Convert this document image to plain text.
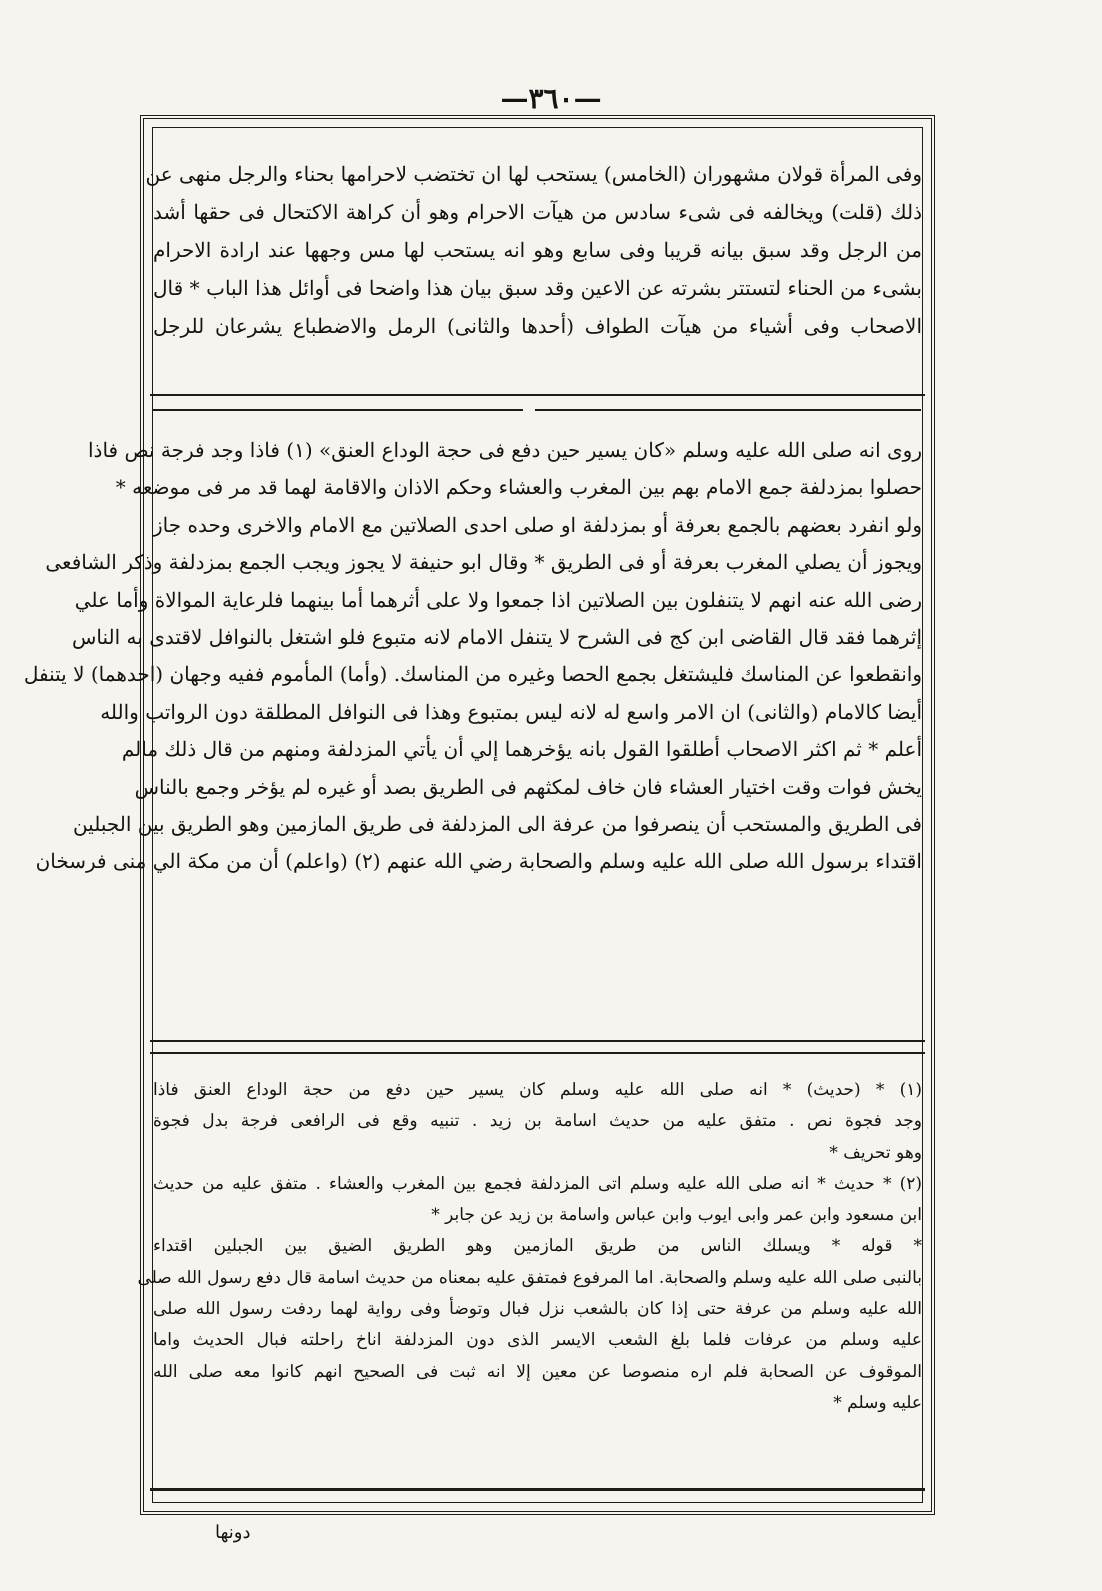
—٣٦٠—
وفى المرأة قولان مشهوران (الخامس) يستحب لها ان تختضب لاحرامها بحناء والرجل منهى عن
ذلك (قلت) ويخالفه فى شىء سادس من هيآت الاحرام وهو أن كراهة الاكتحال فى حقها أشد
من الرجل وقد سبق بيانه قريبا وفى سابع وهو انه يستحب لها مس وجهها عند ارادة الاحرام
بشىء من الحناء لتستتر بشرته عن الاعين وقد سبق بيان هذا واضحا فى أوائل هذا الباب * قال
الاصحاب وفى أشياء من هيآت الطواف (أحدها والثانى) الرمل والاضطباع يشرعان للرجل
روى انه صلى الله عليه وسلم «كان يسير حين دفع فى حجة الوداع العنق» (١) فاذا وجد فرجة نص فاذا
حصلوا بمزدلفة جمع الامام بهم بين المغرب والعشاء وحكم الاذان والاقامة لهما قد مر فى موضعه *
ولو انفرد بعضهم بالجمع بعرفة أو بمزدلفة او صلى احدى الصلاتين مع الامام والاخرى وحده جاز
ويجوز أن يصلي المغرب بعرفة أو فى الطريق * وقال ابو حنيفة لا يجوز ويجب الجمع بمزدلفة وذكر الشافعى
رضى الله عنه انهم لا يتنفلون بين الصلاتين اذا جمعوا ولا على أثرهما أما بينهما فلرعاية الموالاة وأما علي
إثرهما فقد قال القاضى ابن كج فى الشرح لا يتنفل الامام لانه متبوع فلو اشتغل بالنوافل لاقتدى به الناس
وانقطعوا عن المناسك فليشتغل بجمع الحصا وغيره من المناسك. (وأما) المأموم ففيه وجهان (احدهما) لا يتنفل
أيضا كالامام (والثانى) ان الامر واسع له لانه ليس بمتبوع وهذا فى النوافل المطلقة دون الرواتب والله
أعلم * ثم اكثر الاصحاب أطلقوا القول بانه يؤخرهما إلي أن يأتي المزدلفة ومنهم من قال ذلك مالم
يخش فوات وقت اختيار العشاء فان خاف لمكثهم فى الطريق بصد أو غيره لم يؤخر وجمع بالناس
فى الطريق والمستحب أن ينصرفوا من عرفة الى المزدلفة فى طريق المازمين وهو الطريق بين الجبلين
اقتداء برسول الله صلى الله عليه وسلم والصحابة رضي الله عنهم (٢) (واعلم) أن من مكة الي منى فرسخان
(١) * (حديث) * انه صلى الله عليه وسلم كان يسير حين دفع من حجة الوداع العنق فاذا
وجد فجوة نص . متفق عليه من حديث اسامة بن زيد . تنبيه وقع فى الرافعى فرجة بدل فجوة
وهو تحريف *
(٢) * حديث * انه صلى الله عليه وسلم اتى المزدلفة فجمع بين المغرب والعشاء . متفق عليه من حديث
ابن مسعود وابن عمر وابى ايوب وابن عباس واسامة بن زيد عن جابر *
* قوله * ويسلك الناس من طريق المازمين وهو الطريق الضيق بين الجبلين اقتداء
بالنبى صلى الله عليه وسلم والصحابة. اما المرفوع فمتفق عليه بمعناه من حديث اسامة قال دفع رسول الله صلى
الله عليه وسلم من عرفة حتى إذا كان بالشعب نزل فبال وتوضأ وفى رواية لهما ردفت رسول الله صلى
عليه وسلم من عرفات فلما بلغ الشعب الايسر الذى دون المزدلفة اناخ راحلته فبال الحديث واما
الموقوف عن الصحابة فلم اره منصوصا عن معين إلا انه ثبت فى الصحيح انهم كانوا معه صلى الله
عليه وسلم *
دونها
